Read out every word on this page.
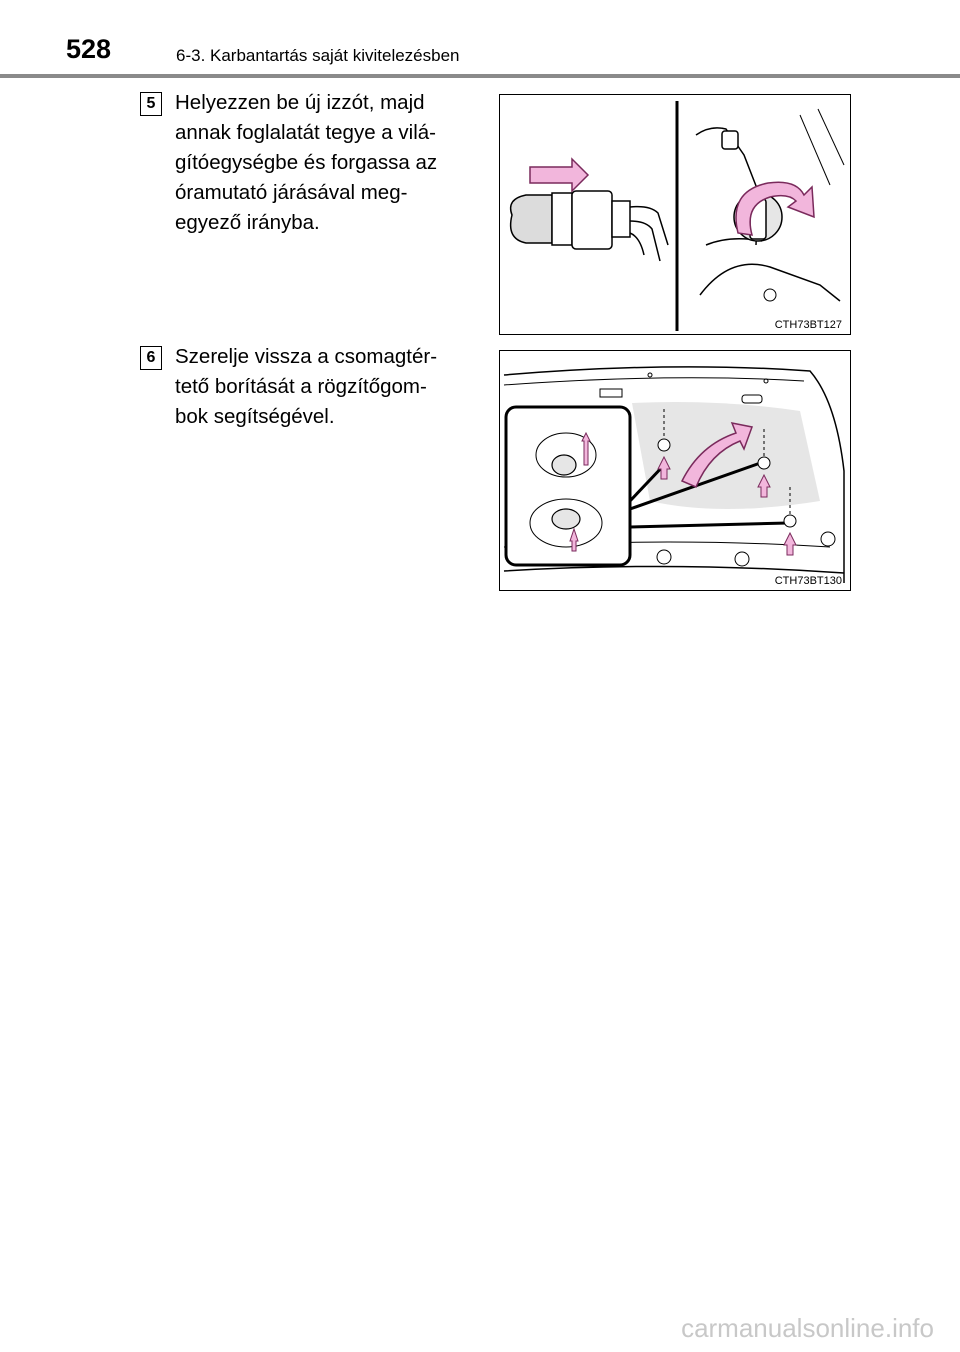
528	6-3. Karbantartás saját kivitelezésben
5 Helyezzen be új izzót, majd
annak foglalatát tegye a vilá-
gítóegységbe és forgassa az
óramutató járásával meg-
egyező irányba.
CTH73BT127
6 Szerelje vissza a csomagtér-
tető borítását a rögzítőgom-
bok segítségével.
CTH73BT130
carmanualsonline.info
